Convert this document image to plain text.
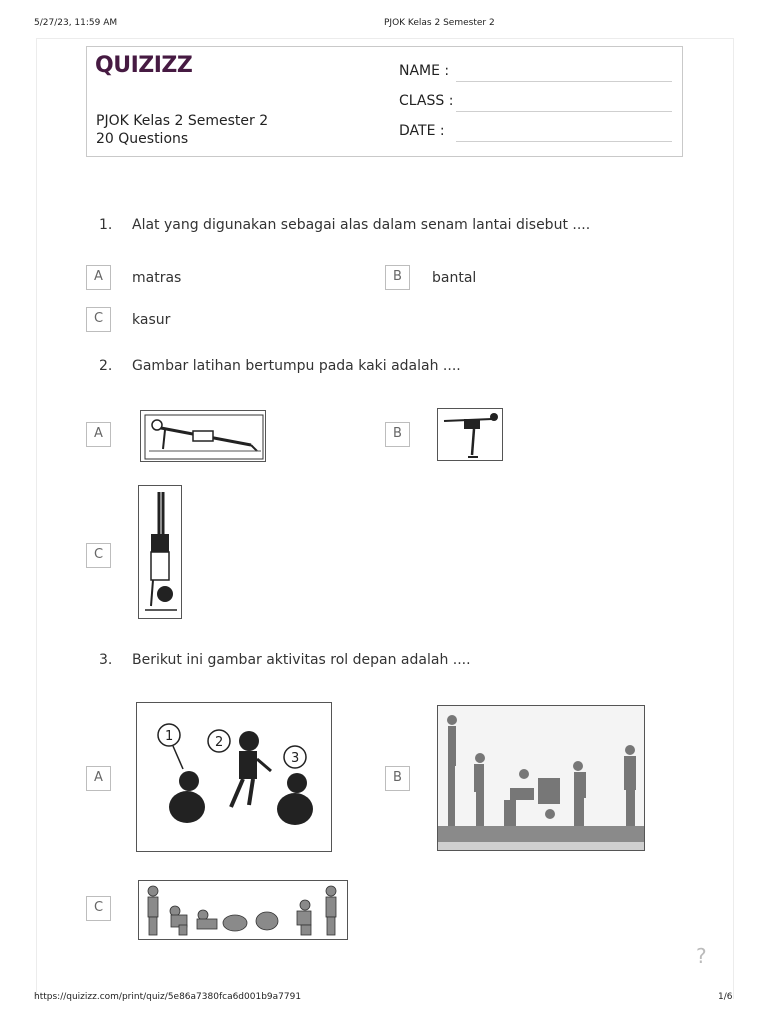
5/27/23, 11:59 AM	PJOK Kelas 2 Semester 2
QUIZIZZ
PJOK Kelas 2 Semester 2
20 Questions
NAME :
CLASS :
DATE :
1. Alat yang digunakan sebagai alas dalam senam lantai disebut ....
A	matras	B	bantal
C	kasur
2. Gambar latihan bertumpu pada kaki adalah ....
A	B
C
3. Berikut ini gambar aktivitas rol depan adalah ....
A
1	2
3
B
C
?
https://quizizz.com/print/quiz/5e86a7380fca6d001b9a7791	1/6
